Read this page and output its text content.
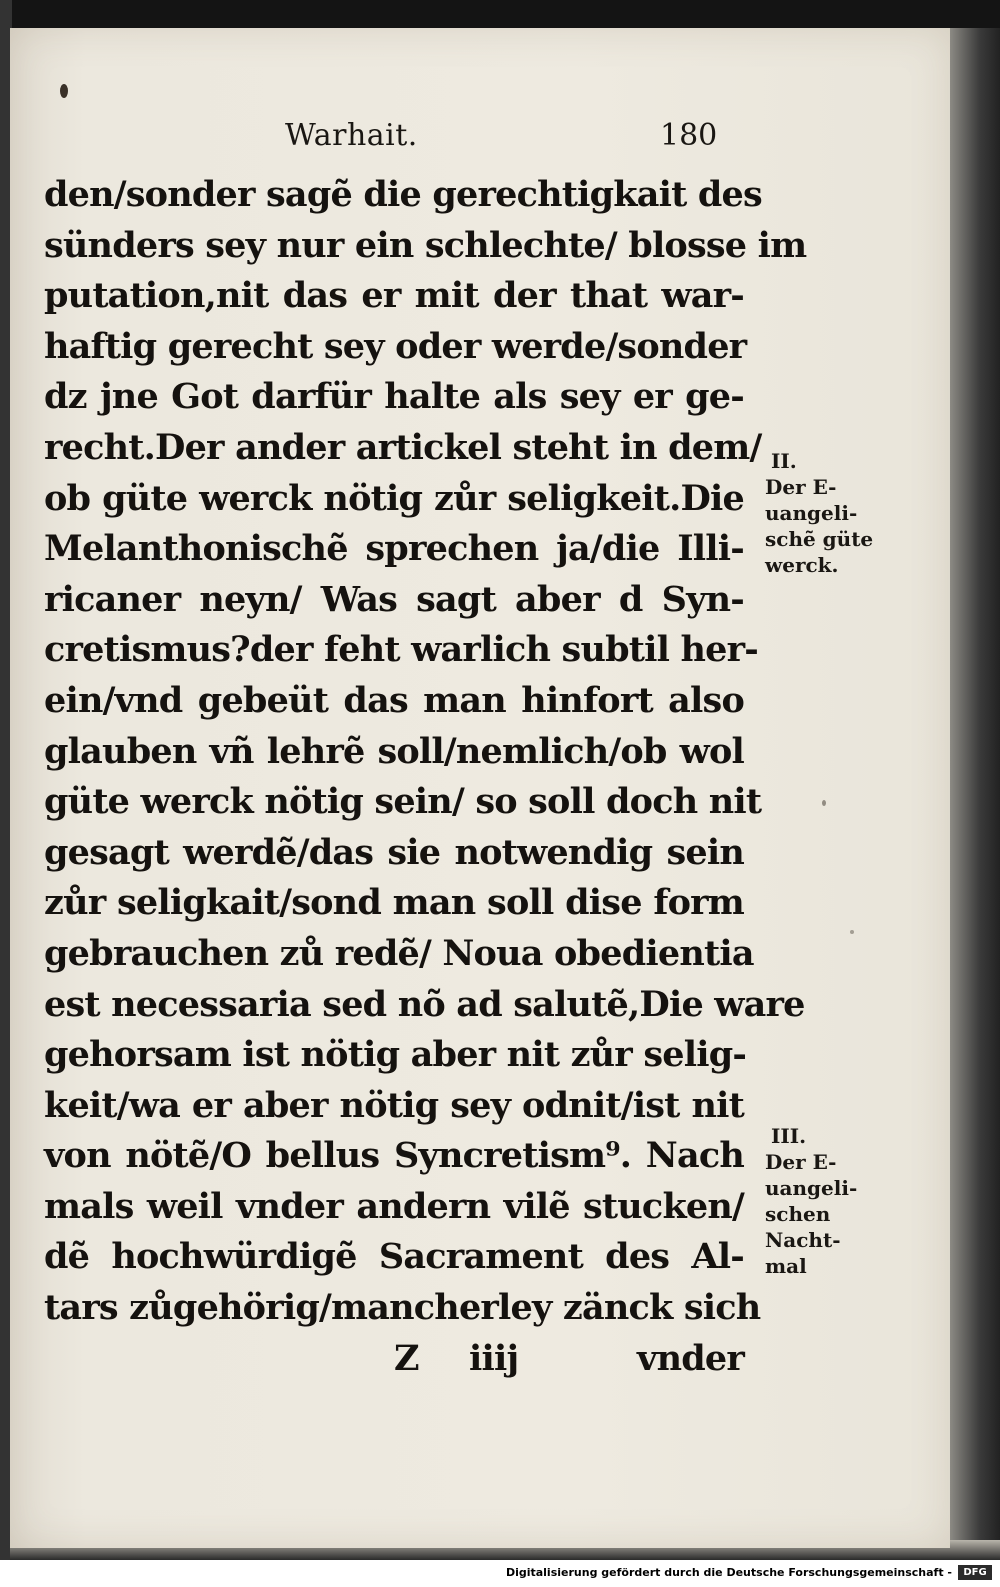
Warhait.	180
den/sonder sagẽ die gerechtigkait des
sünders sey nur ein schlechte/ blosse im
putation,nit das er mit der that war-
haftig gerecht sey oder werde/sonder
dz jne Got darfür halte als sey er ge-
recht.Der ander artickel steht in dem/
ob güte werck nötig zůr seligkeit.Die
Melanthonischẽ sprechen ja/die Illi-
ricaner neyn/ Was sagt aber d Syn-
cretismus?der feht warlich subtil her-
ein/vnd gebeüt das man hinfort also
glauben vñ lehrẽ soll/nemlich/ob wol
güte werck nötig sein/ so soll doch nit
gesagt werdẽ/das sie notwendig sein
zůr seligkait/sond man soll dise form
gebrauchen zů redẽ/ Noua obedientia
est necessaria sed nõ ad salutẽ,Die ware
gehorsam ist nötig aber nit zůr selig-
keit/wa er aber nötig sey odnit/ist nit
von nötẽ/O bellus Syncretism⁹. Nach
mals weil vnder andern vilẽ stucken/
dẽ hochwürdigẽ Sacrament des Al-
tars zůgehörig/mancherley zänck sich
Z iiij	vnder
II.
Der E-
uangeli-
schẽ güte
werck.
III.
Der E-
uangeli-
schen
Nacht-
mal
Digitalisierung gefördert durch die Deutsche Forschungsgemeinschaft -	DFG
